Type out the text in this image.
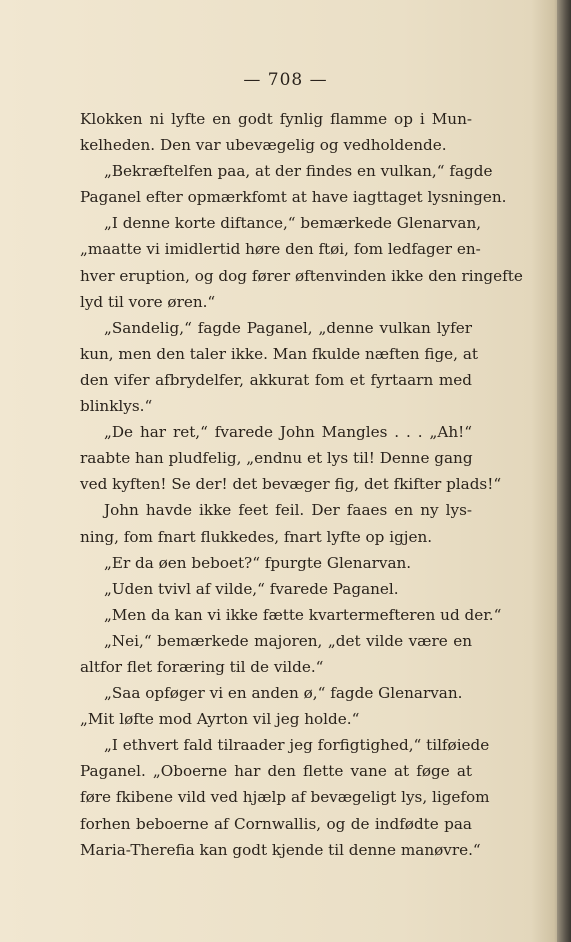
— 708 —
Klokken ni lyfte en godt fynlig flamme op i Mun-
kelheden. Den var ubevægelig og vedholdende.
„Bekræftelfen paa, at der findes en vulkan,“ fagde
Paganel efter opmærkfomt at have iagttaget lysningen.
„I denne korte diftance,“ bemærkede Glenarvan,
„maatte vi imidlertid høre den ftøi, fom ledfager en-
hver eruption, og dog fører øftenvinden ikke den ringefte
lyd til vore øren.“
„Sandelig,“ fagde Paganel, „denne vulkan lyfer
kun, men den taler ikke. Man fkulde næften fige, at
den vifer afbrydelfer, akkurat fom et fyrtaarn med
blinklys.“
„De har ret,“ fvarede John Mangles . . . „Ah!“
raabte han pludfelig, „endnu et lys til! Denne gang
ved kyften! Se der! det bevæger fig, det fkifter plads!“
John havde ikke feet feil. Der faaes en ny lys-
ning, fom fnart flukkedes, fnart lyfte op igjen.
„Er da øen beboet?“ fpurgte Glenarvan.
„Uden tvivl af vilde,“ fvarede Paganel.
„Men da kan vi ikke fætte kvartermefteren ud der.“
„Nei,“ bemærkede majoren, „det vilde være en
altfor flet foræring til de vilde.“
„Saa opføger vi en anden ø,“ fagde Glenarvan.
„Mit løfte mod Ayrton vil jeg holde.“
„I ethvert fald tilraader jeg forfigtighed,“ tilføiede
Paganel. „Oboerne har den flette vane at føge at
føre fkibene vild ved hjælp af bevægeligt lys, ligefom
forhen beboerne af Cornwallis, og de indfødte paa
Maria-Therefia kan godt kjende til denne manøvre.“
